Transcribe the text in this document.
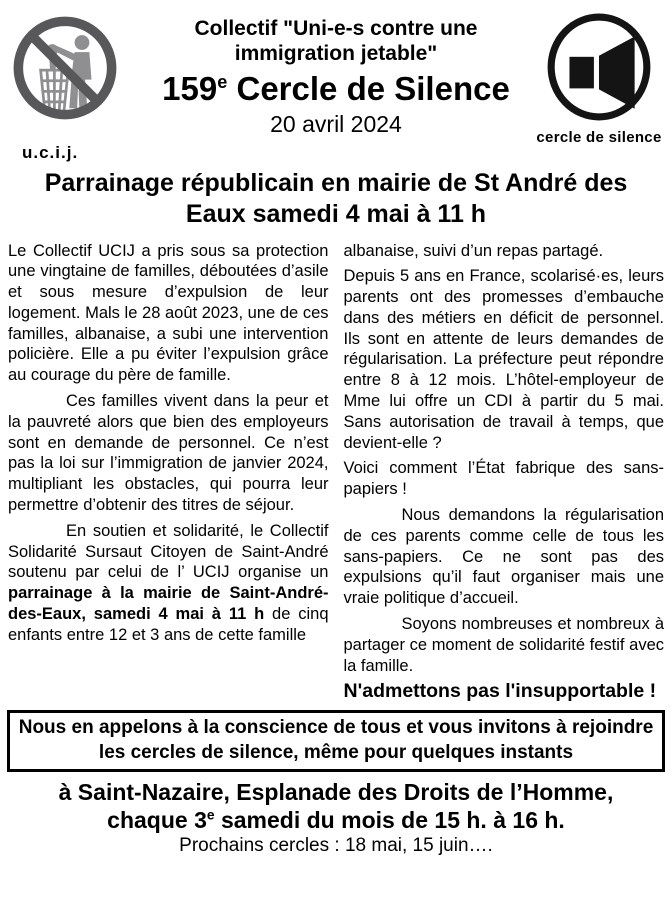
u.c.i.j.
Collectif "Uni-e-s contre une
immigration jetable"
159e Cercle de Silence
20 avril 2024
cercle de silence
Parrainage républicain en mairie de St André des Eaux samedi 4 mai à 11 h

Le Collectif UCIJ a pris sous sa protection une vingtaine de familles, déboutées d’asile et sous mesure d’expulsion de leur logement. Mals le 28 août 2023, une de ces familles, albanaise, a subi une intervention policière. Elle a pu éviter l’expulsion grâce au courage du père de famille.

Ces familles vivent dans la peur et la pauvreté alors que bien des employeurs sont en demande de personnel. Ce n’est pas la loi sur l’immigration de janvier 2024, multipliant les obstacles, qui pourra leur permettre d’obtenir des titres de séjour.

En soutien et solidarité, le Collectif Solidarité Sursaut Citoyen de Saint-André soutenu par celui de l’ UCIJ organise un parrainage à la mairie de Saint-André-des-Eaux, samedi 4 mai à 11 h de cinq enfants entre 12 et 3 ans de cette famille

albanaise, suivi d’un repas partagé.

Depuis 5 ans en France, scolarisé·es, leurs parents ont des promesses d’embauche dans des métiers en déficit de personnel. Ils sont en attente de leurs demandes de régularisation. La préfecture peut répondre entre 8 à 12 mois. L’hôtel-employeur de Mme lui offre un CDI à partir du 5 mai. Sans autorisation de travail à temps, que devient-elle ?

Voici comment l’État fabrique des sans-papiers !

Nous demandons la régularisation de ces parents comme celle de tous les sans-papiers. Ce ne sont pas des expulsions qu’il faut organiser mais une vraie politique d’accueil.

Soyons nombreuses et nombreux à partager ce moment de solidarité festif avec la famille.

N'admettons pas l'insupportable !

Nous en appelons à la conscience de tous et vous invitons à rejoindre les cercles de silence, même pour quelques instants
à Saint-Nazaire, Esplanade des Droits de l’Homme,
chaque 3e samedi du mois de 15 h. à 16 h.
Prochains cercles : 18 mai, 15 juin….
